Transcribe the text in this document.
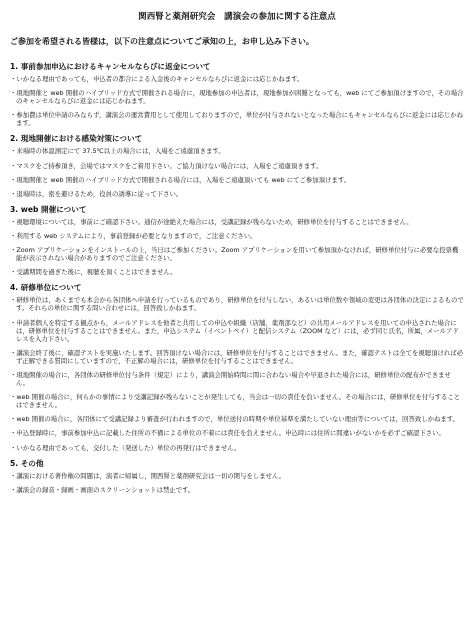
関西腎と薬剤研究会　講演会の参加に関する注意点
ご参加を希望される皆様は，以下の注意点についてご承知の上，お申し込み下さい。
1. 事前参加申込におけるキャンセルならびに返金について
・ いかなる理由であっても，申込者の都合による入金後のキャンセルならびに返金には応じかねます。
・ 現地開催と web 開催のハイブリッド方式で開催される場合に，現地参加の申込者は，現地参加が困難となっても，web にてご参加頂けますので，その場合のキャンセルならびに返金には応じかねます。
・ 参加費は単位申請のみならず，講演会の運営費用として使用しておりますので，単位が付与されないとなった場合にもキャンセルならびに返金には応じかねます。
2. 現地開催における感染対策について
・ 来場時の体温測定にて 37.5℃以上の場合には，入場をご遠慮頂きます。
・ マスクをご持参頂き，会場ではマスクをご着用下さい。ご協力頂けない場合には，入場をご遠慮頂きます。
・ 現地開催と web 開催のハイブリッド方式で開催される場合には，入場をご遠慮頂いても web にてご参加頂けます。
・ 退場時は，密を避けるため，役員の誘導に従って下さい。
3. web 開催について
・ 視聴環境については，事前にご確認下さい。通信が途絶えた場合には，受講記録が残らないため，研修単位を付与することはできません。
・ 利用する web システムにより，事前登録が必要となりますので，ご注意ください。
・ Zoom アプリケーションをインストールの上，当日はご参加ください。Zoom アプリケーションを用いて参加頂かなければ，研修単位付与に必要な投票機能が表示されない場合がありますのでご注意ください。
・ 受講期間を過ぎた後に，視聴を頂くことはできません。
4. 研修単位について
・ 研修単位は，あくまでも本会から各団体へ申請を行っているものであり，研修単位を付与しない，あるいは単位数や領域の変更は各団体の決定によるものです。それらの単位に関する問い合わせには，回答致しかねます。
・ 申請者個人を特定する観点から，メールアドレスを他者と共用しての申込や組織（店舗，薬剤部など）の共用メールアドレスを用いての申込された場合には，研修単位を付与することはできません。また，申込システム（イベントペイ）と配信システム（ZOOM など）には，必ず同じ氏名，所属，メールアドレスを入力下さい。
・ 講演会終了後に，確認テストを実施いたします。回答頂けない場合には，研修単位を付与することはできません。また，確認テストは全てを視聴頂ければ必ず正解できる質問にしていますので，不正解の場合には，研修単位を付与することはできません。
・ 現地開催の場合に，各団体の研修単位付与条件（規定）により，講演会開始時間に間に合わない場合や早退された場合には，研修単位の配布ができません。
・ web 開催の場合に，何らかの事情により受講記録が残らないことが発生しても，当会は一切の責任を負いません。その場合には，研修単位を付与することはできません。
・ web 開催の場合に，各団体にて受講記録より審査が行われますので，単位送付の時期や単位基準を満たしていない理由等については，回答致しかねます。
・ 申込登録時に，事前参加申込に記載した住所の不備による単位の不着には責任を負えません。申込時には住所に間違いがないかを必ずご確認下さい。
・ いかなる理由であっても，交付した（発送した）単位の再発行はできません。
5. その他
・ 講演における著作権の問題は，演者に帰属し，関西腎と薬剤研究会は一切の関与をしません。
・ 講演会の録音・録画・画面のスクリーンショットは禁止です。
